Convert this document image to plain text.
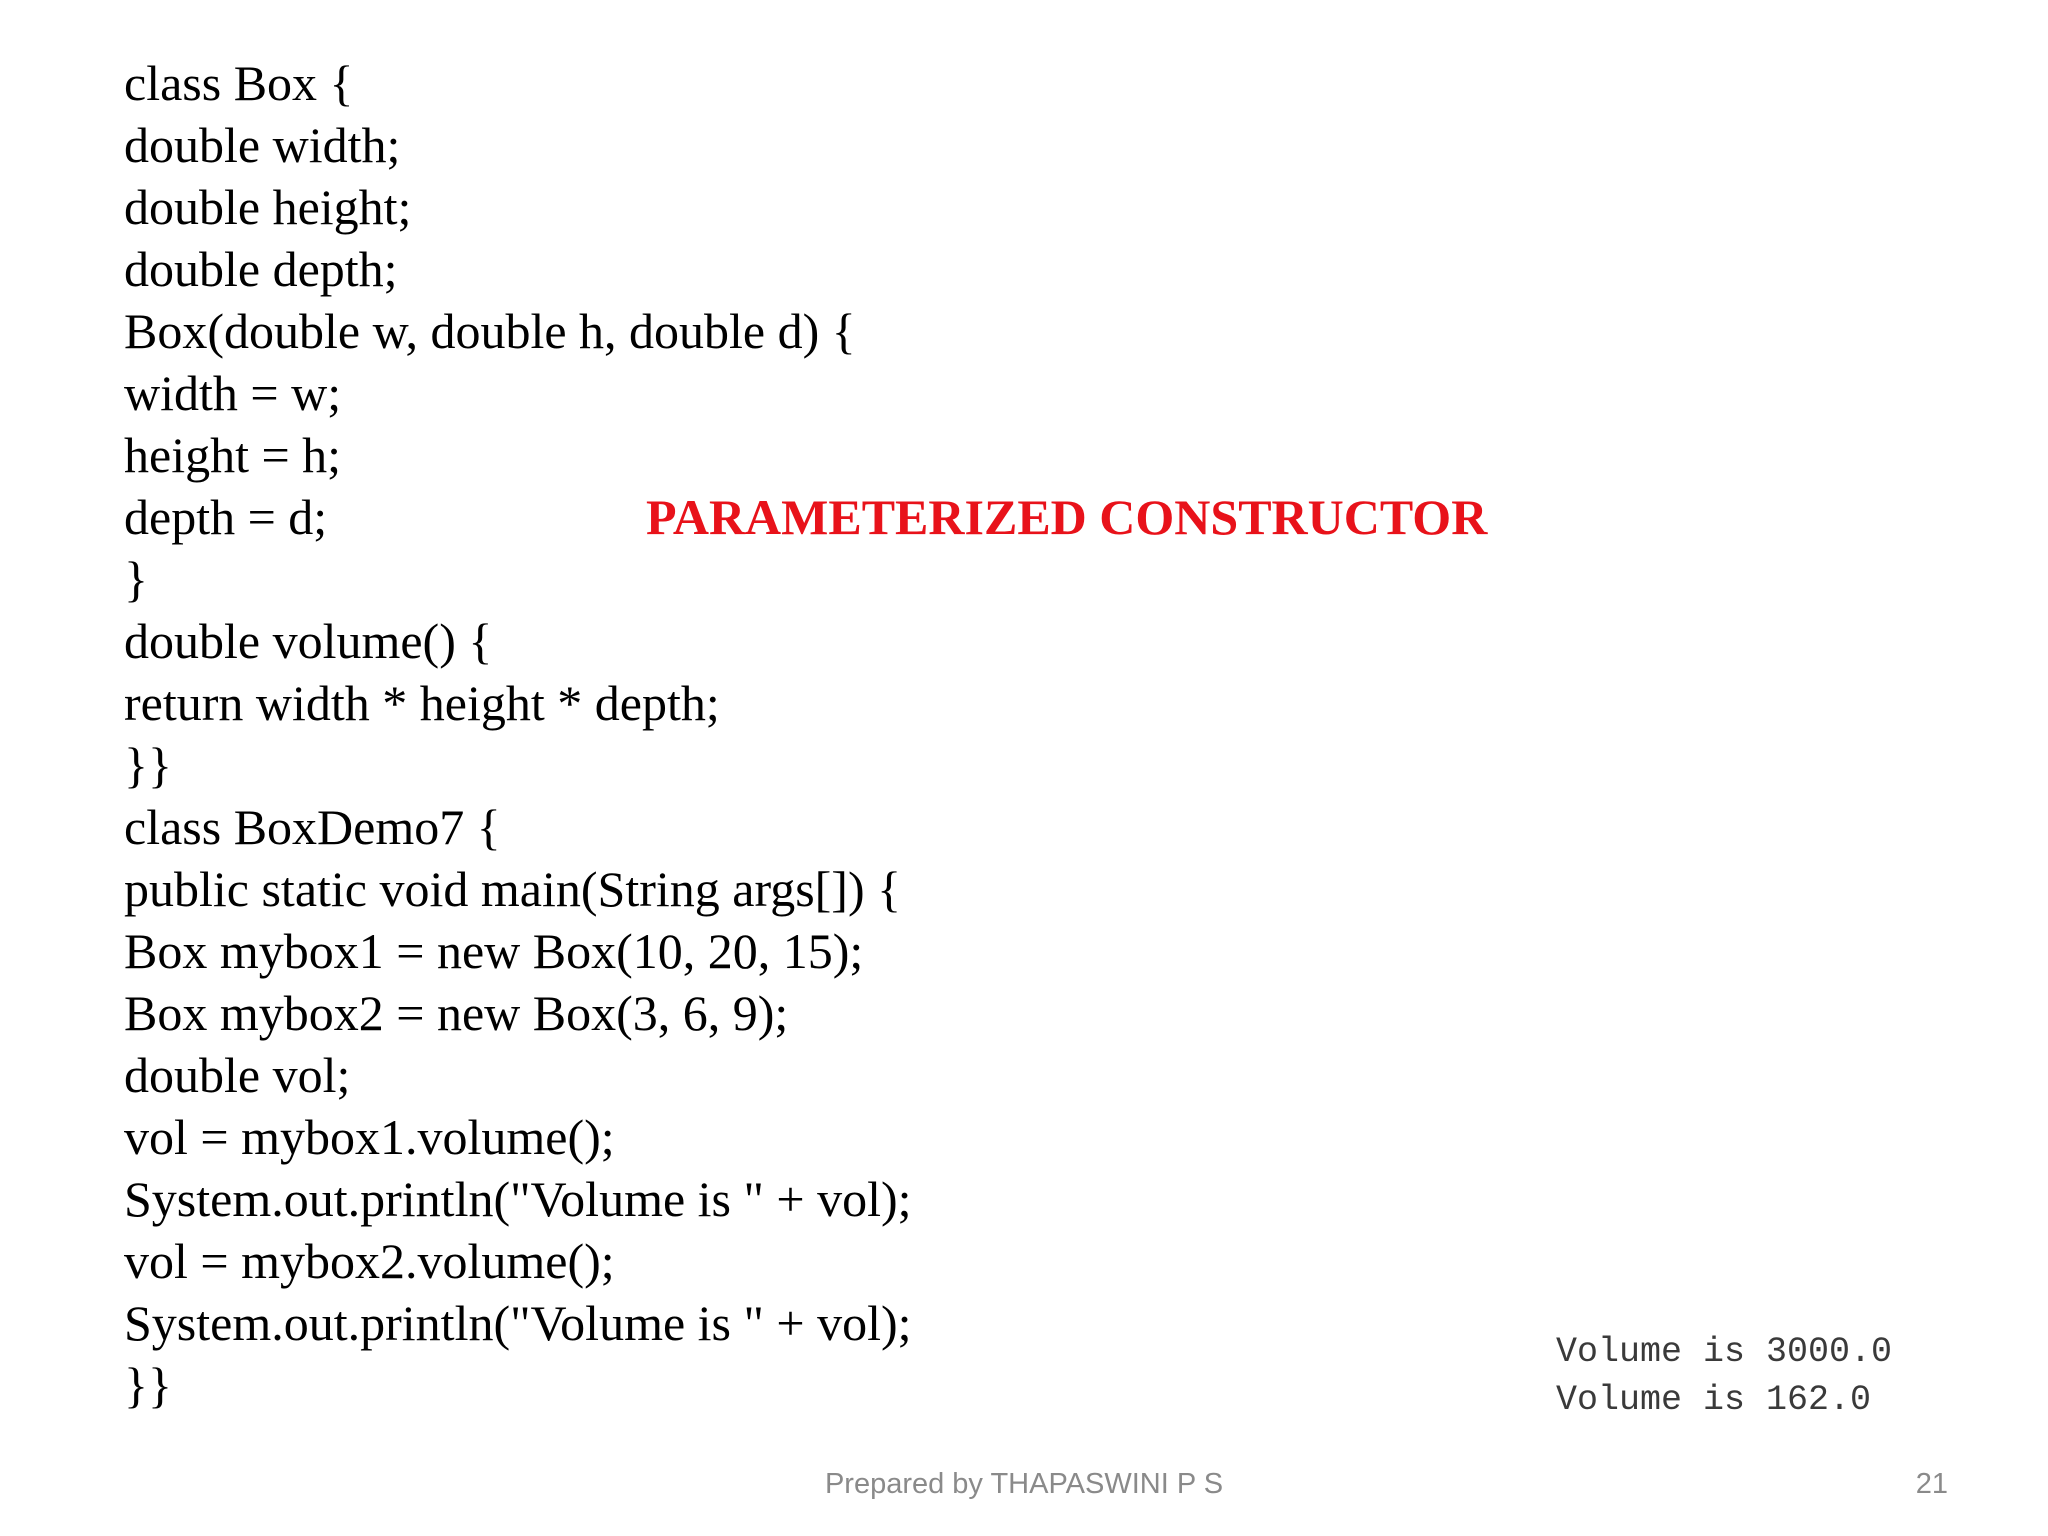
class Box {
double width;
double height;
double depth;
Box(double w, double h, double d) {
width = w;
height = h;
depth = d;
}
double volume() {
return width * height * depth;
}}
class BoxDemo7 {
public static void main(String args[]) {
Box mybox1 = new Box(10, 20, 15);
Box mybox2 = new Box(3, 6, 9);
double vol;
vol = mybox1.volume();
System.out.println("Volume is " + vol);
vol = mybox2.volume();
System.out.println("Volume is " + vol);
}}
PARAMETERIZED CONSTRUCTOR
Volume is 3000.0
Volume is 162.0
Prepared by THAPASWINI P S	21
